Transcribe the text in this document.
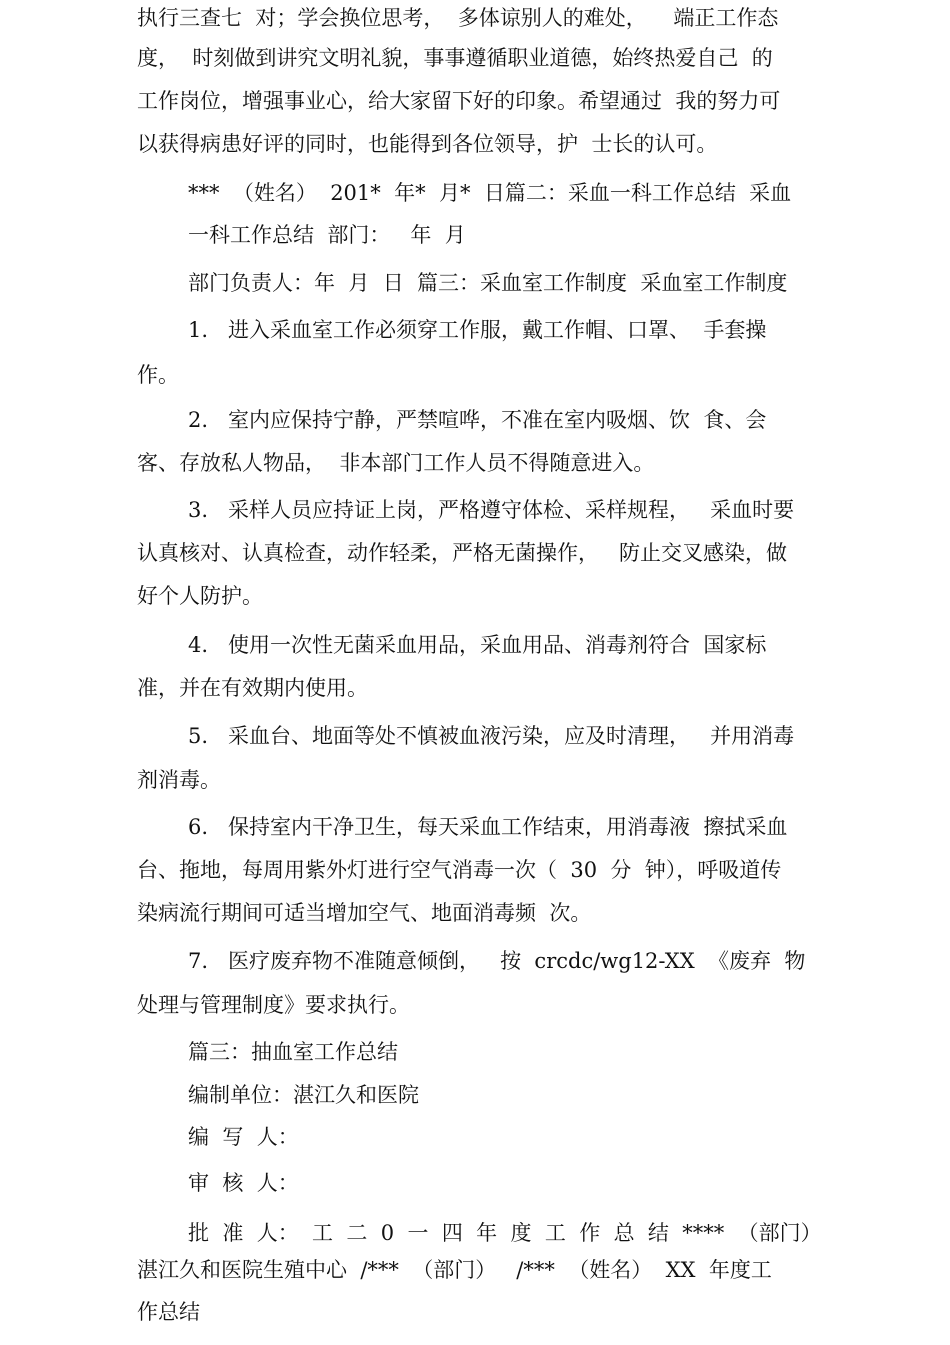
执行三查七  对；学会换位思考，  多体谅别人的难处，    端正工作态
度，  时刻做到讲究文明礼貌，事事遵循职业道德，始终热爱自己  的
工作岗位，增强事业心，给大家留下好的印象。希望通过  我的努力可
以获得病患好评的同时，也能得到各位领导，护  士长的认可。
***  （姓名）  201*  年*  月*  日篇二：采血一科工作总结  采血
一科工作总结  部门：   年  月
部门负责人：年  月  日  篇三：采血室工作制度  采血室工作制度
1.   进入采血室工作必须穿工作服，戴工作帽、口罩、  手套操
作。
2.   室内应保持宁静，严禁喧哗，不准在室内吸烟、饮  食、会
客、存放私人物品，  非本部门工作人员不得随意进入。
3.   采样人员应持证上岗，严格遵守体检、采样规程，   采血时要
认真核对、认真检查，动作轻柔，严格无菌操作，   防止交叉感染，做
好个人防护。
4.   使用一次性无菌采血用品，采血用品、消毒剂符合  国家标
准，并在有效期内使用。
5.   采血台、地面等处不慎被血液污染，应及时清理，   并用消毒
剂消毒。
6.   保持室内干净卫生，每天采血工作结束，用消毒液  擦拭采血
台、拖地，每周用紫外灯进行空气消毒一次（  30  分  钟），呼吸道传
染病流行期间可适当增加空气、地面消毒频  次。
7.   医疗废弃物不准随意倾倒，   按  crcdc/wg12-XX  《废弃  物
处理与管理制度》要求执行。
篇三：抽血室工作总结
编制单位：湛江久和医院
编  写  人：
审  核  人：
批  准  人：  工  二  0  一  四  年  度  工  作  总  结  ****  （部门）
湛江久和医院生殖中心  /***  （部门）   /***  （姓名）  XX  年度工
作总结
